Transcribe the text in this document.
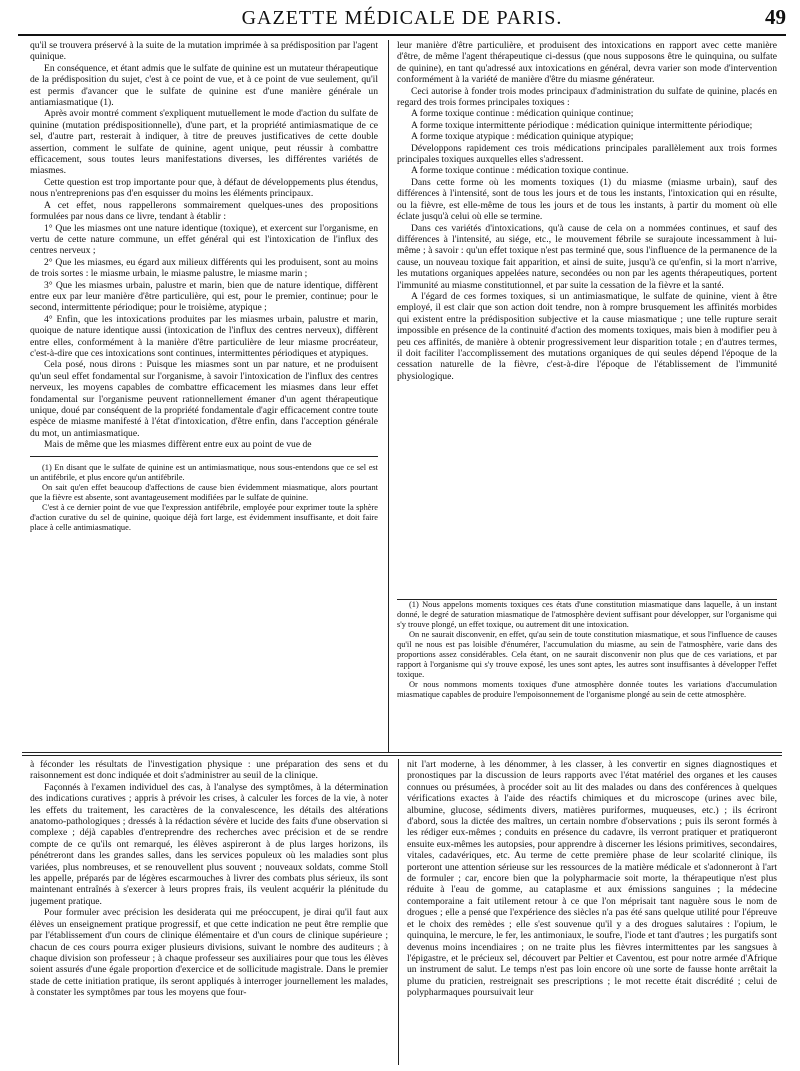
GAZETTE MÉDICALE DE PARIS.	49

qu'il se trouvera préservé à la suite de la mutation imprimée à sa prédisposition par l'agent quinique.

En conséquence, et étant admis que le sulfate de quinine est un mutateur thérapeutique de la prédisposition du sujet, c'est à ce point de vue, et à ce point de vue seulement, qu'il est permis d'avancer que le sulfate de quinine est d'une manière générale un antiamiasmatique (1).

Après avoir montré comment s'expliquent mutuellement le mode d'action du sulfate de quinine (mutation prédispositionnelle), d'une part, et la propriété antimiasmatique de ce sel, d'autre part, resterait à indiquer, à titre de preuves justificatives de cette double assertion, comment le sulfate de quinine, agent unique, peut réussir à combattre efficacement, sous toutes leurs manifestations diverses, les différentes variétés de miasmes.

Cette question est trop importante pour que, à défaut de développements plus étendus, nous n'entreprenions pas d'en esquisser du moins les éléments principaux.

A cet effet, nous rappellerons sommairement quelques-unes des propositions formulées par nous dans ce livre, tendant à établir :

1° Que les miasmes ont une nature identique (toxique), et exercent sur l'organisme, en vertu de cette nature commune, un effet général qui est l'intoxication de l'influx des centres nerveux ;

2° Que les miasmes, eu égard aux milieux différents qui les produisent, sont au moins de trois sortes : le miasme urbain, le miasme palustre, le miasme marin ;

3° Que les miasmes urbain, palustre et marin, bien que de nature identique, diffèrent entre eux par leur manière d'être particulière, qui est, pour le premier, continue; pour le second, intermittente périodique; pour le troisième, atypique ;

4° Enfin, que les intoxications produites par les miasmes urbain, palustre et marin, quoique de nature identique aussi (intoxication de l'influx des centres nerveux), diffèrent entre elles, conformément à la manière d'être particulière de leur miasme procréateur, c'est-à-dire que ces intoxications sont continues, intermittentes périodiques et atypiques.

Cela posé, nous dirons : Puisque les miasmes sont un par nature, et ne produisent qu'un seul effet fondamental sur l'organisme, à savoir l'intoxication de l'influx des centres nerveux, les moyens capables de combattre efficacement les miasmes dans leur effet fondamental sur l'organisme peuvent rationnellement émaner d'un agent thérapeutique unique, doué par conséquent de la propriété fondamentale d'agir efficacement contre toute espèce de miasme manifesté à l'état d'intoxication, d'être enfin, dans l'acception générale du mot, un antimiasmatique.

Mais de même que les miasmes diffèrent entre eux au point de vue de

(1) En disant que le sulfate de quinine est un antimiasmatique, nous sous-entendons que ce sel est un antifébrile, et plus encore qu'un antifébrile.

On sait qu'en effet beaucoup d'affections de cause bien évidemment miasmatique, alors pourtant que la fièvre est absente, sont avantageusement modifiées par le sulfate de quinine.

C'est à ce dernier point de vue que l'expression antifébrile, employée pour exprimer toute la sphère d'action curative du sel de quinine, quoique déjà fort large, est évidemment insuffisante, et doit faire place à celle antimiasmatique.

leur manière d'être particulière, et produisent des intoxications en rapport avec cette manière d'être, de même l'agent thérapeutique ci-dessus (que nous supposons être le quinquina, ou sulfate de quinine), en tant qu'adressé aux intoxications en général, devra varier son mode d'intervention conformément à la variété de manière d'être du miasme générateur.

Ceci autorise à fonder trois modes principaux d'administration du sulfate de quinine, placés en regard des trois formes principales toxiques :

A forme toxique continue : médication quinique continue;

A forme toxique intermittente périodique : médication quinique intermittente périodique;

A forme toxique atypique : médication quinique atypique;

Développons rapidement ces trois médications principales parallèlement aux trois formes principales toxiques auxquelles elles s'adressent.

A forme toxique continue : médication toxique continue.

Dans cette forme où les moments toxiques (1) du miasme (miasme urbain), sauf des différences à l'intensité, sont de tous les jours et de tous les instants, l'intoxication qui en résulte, ou la fièvre, est elle-même de tous les jours et de tous les instants, à partir du moment où elle éclate jusqu'à celui où elle se termine.

Dans ces variétés d'intoxications, qu'à cause de cela on a nommées continues, et sauf des différences à l'intensité, au siége, etc., le mouvement fébrile se surajoute incessamment à lui-même ; à savoir : qu'un effet toxique n'est pas terminé que, sous l'influence de la permanence de la cause, un nouveau toxique fait apparition, et ainsi de suite, jusqu'à ce qu'enfin, si la mort n'arrive, les mutations organiques appelées nature, secondées ou non par les agents thérapeutiques, portent l'immunité au miasme constitutionnel, et par suite la cessation de la fièvre et la santé.

A l'égard de ces formes toxiques, si un antimiasmatique, le sulfate de quinine, vient à être employé, il est clair que son action doit tendre, non à rompre brusquement les affinités morbides qui existent entre la prédisposition subjective et la cause miasmatique ; une telle rupture serait impossible en présence de la continuité d'action des moments toxiques, mais bien à modifier peu à peu ces affinités, de manière à obtenir progressivement leur disparition totale ; en d'autres termes, il doit faciliter l'accomplissement des mutations organiques de qui seules dépend l'époque de la cessation naturelle de la fièvre, c'est-à-dire l'époque de l'établissement de l'immunité physiologique.

(1) Nous appelons moments toxiques ces états d'une constitution miasmatique dans laquelle, à un instant donné, le degré de saturation miasmatique de l'atmosphère devient suffisant pour développer, sur l'organisme qui s'y trouve plongé, un effet toxique, ou autrement dit une intoxication.

On ne saurait disconvenir, en effet, qu'au sein de toute constitution miasmatique, et sous l'influence de causes qu'il ne nous est pas loisible d'énumérer, l'accumulation du miasme, au sein de l'atmosphère, varie dans des proportions assez considérables. Cela étant, on ne saurait disconvenir non plus que de ces variations, et par rapport à l'organisme qui s'y trouve exposé, les unes sont aptes, les autres sont insuffisantes à développer l'effet toxique.

Or nous nommons moments toxiques d'une atmosphère donnée toutes les variations d'accumulation miasmatique capables de produire l'empoisonnement de l'organisme plongé au sein de cette atmosphère.

à féconder les résultats de l'investigation physique : une préparation des sens et du raisonnement est donc indiquée et doit s'administrer au seuil de la clinique.

Façonnés à l'examen individuel des cas, à l'analyse des symptômes, à la détermination des indications curatives ; appris à prévoir les crises, à calculer les forces de la vie, à noter les effets du traitement, les caractères de la convalescence, les détails des altérations anatomo-pathologiques ; dressés à la rédaction sévère et lucide des faits d'une observation si complexe ; déjà capables d'entreprendre des recherches avec précision et de se rendre compte de ce qu'ils ont remarqué, les élèves aspireront à de plus larges horizons, ils pénétreront dans les grandes salles, dans les services populeux où les maladies sont plus variées, plus nombreuses, et se renouvellent plus souvent ; nouveaux soldats, comme Stoll les appelle, préparés par de légères escarmouches à livrer des combats plus sérieux, ils sont maintenant entraînés à s'exercer à leurs propres frais, ils veulent acquérir la plénitude du jugement pratique.

Pour formuler avec précision les desiderata qui me préoccupent, je dirai qu'il faut aux élèves un enseignement pratique progressif, et que cette indication ne peut être remplie que par l'établissement d'un cours de clinique élémentaire et d'un cours de clinique supérieure ; chacun de ces cours pourra exiger plusieurs divisions, suivant le nombre des auditeurs ; à chaque division son professeur ; à chaque professeur ses auxiliaires pour que tous les élèves soient assurés d'une égale proportion d'exercice et de sollicitude magistrale. Dans le premier stade de cette initiation pratique, ils seront appliqués à interroger journellement les malades, à constater les symptômes par tous les moyens que four-

nit l'art moderne, à les dénommer, à les classer, à les convertir en signes diagnostiques et pronostiques par la discussion de leurs rapports avec l'état matériel des organes et les causes connues ou présumées, à procéder soit au lit des malades ou dans des conférences à quelques vérifications exactes à l'aide des réactifs chimiques et du microscope (urines avec bile, albumine, glucose, sédiments divers, matières puriformes, muqueuses, etc.) ; ils écriront d'abord, sous la dictée des maîtres, un certain nombre d'observations ; puis ils seront formés à les rédiger eux-mêmes ; conduits en présence du cadavre, ils verront pratiquer et pratiqueront ensuite eux-mêmes les autopsies, pour apprendre à discerner les lésions primitives, secondaires, vitales, cadavériques, etc. Au terme de cette première phase de leur scolarité clinique, ils porteront une attention sérieuse sur les ressources de la matière médicale et s'adonneront à l'art de formuler ; car, encore bien que la polypharmacie soit morte, la thérapeutique n'est plus réduite à l'eau de gomme, au cataplasme et aux émissions sanguines ; la médecine contemporaine a fait utilement retour à ce que l'on méprisait tant naguère sous le nom de drogues ; elle a pensé que l'expérience des siècles n'a pas été sans quelque utilité pour l'épreuve et le choix des remèdes ; elle s'est souvenue qu'il y a des drogues salutaires : l'opium, le quinquina, le mercure, le fer, les antimoniaux, le soufre, l'iode et tant d'autres ; les purgatifs sont devenus moins incendiaires ; on ne traite plus les fièvres intermittentes par les sangsues à l'épigastre, et le précieux sel, découvert par Peltier et Caventou, est pour notre armée d'Afrique un instrument de salut. Le temps n'est pas loin encore où une sorte de fausse honte arrêtait la plume du praticien, restreignait ses prescriptions ; le mot recette était discrédité ; celui de polypharmaques poursuivait leur
